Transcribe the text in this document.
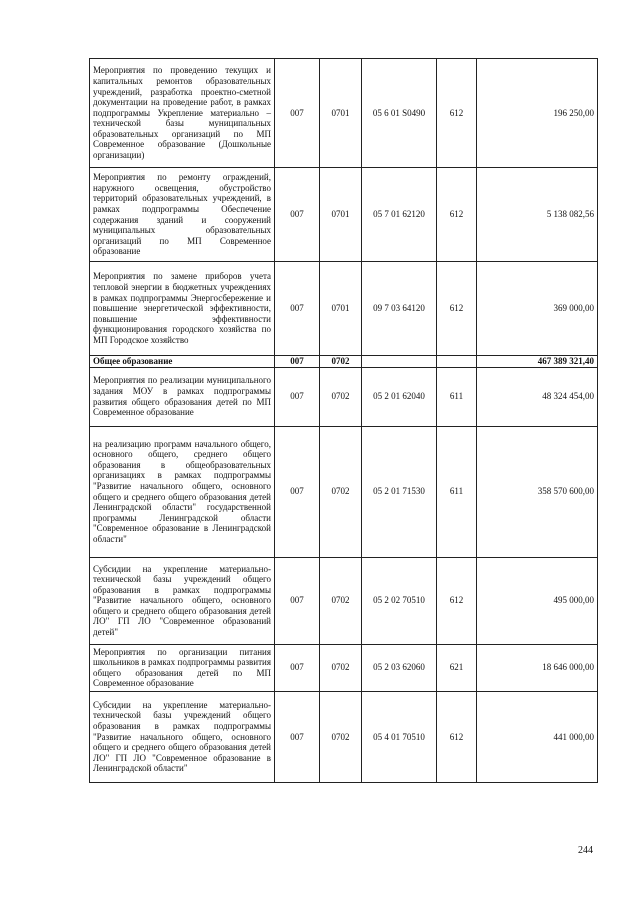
Мероприятия по проведению текущих и капитальных ремонтов образовательных учреждений, разработка проектно-сметной документации на проведение работ, в рамках подпрограммы Укрепление материально – технической базы муниципальных образовательных организаций по МП Современное образование (Дошкольные организации)	007	0701	05 6 01 S0490	612	196 250,00
Мероприятия по ремонту ограждений, наружного освещения, обустройство территорий образовательных учреждений, в рамках подпрограммы Обеспечение содержания зданий и сооружений муниципальных образовательных организаций по МП Современное образование	007	0701	05 7 01 62120	612	5 138 082,56
Мероприятия по замене приборов учета тепловой энергии в бюджетных учреждениях в рамках подпрограммы Энергосбережение и повышение энергетической эффективности, повышение эффективности функционирования городского хозяйства по МП Городское хозяйство	007	0701	09 7 03 64120	612	369 000,00
Общее образование	007	0702			467 389 321,40
Мероприятия по реализации муниципального задания МОУ в рамках подпрограммы развития общего образования детей по МП Современное образование	007	0702	05 2 01 62040	611	48 324 454,00
на реализацию программ начального общего, основного общего, среднего общего образования в общеобразовательных организациях в рамках подпрограммы "Развитие начального общего, основного общего и среднего общего образования детей Ленинградской области" государственной программы Ленинградской области "Современное образование в Ленинградской области"	007	0702	05 2 01 71530	611	358 570 600,00
Субсидии на укрепление материально-технической базы учреждений общего образования в рамках подпрограммы "Развитие начального общего, основного общего и среднего общего образования детей ЛО" ГП ЛО "Современное образований детей"	007	0702	05 2 02 70510	612	495 000,00
Мероприятия по организации питания школьников в рамках подпрограммы развития общего образования детей по МП Современное образование	007	0702	05 2 03 62060	621	18 646 000,00
Субсидии на укрепление материально-технической базы учреждений общего образования в рамках подпрограммы "Развитие начального общего, основного общего и среднего общего образования детей ЛО" ГП ЛО "Современное образование в Ленинградской области"	007	0702	05 4 01 70510	612	441 000,00
244
